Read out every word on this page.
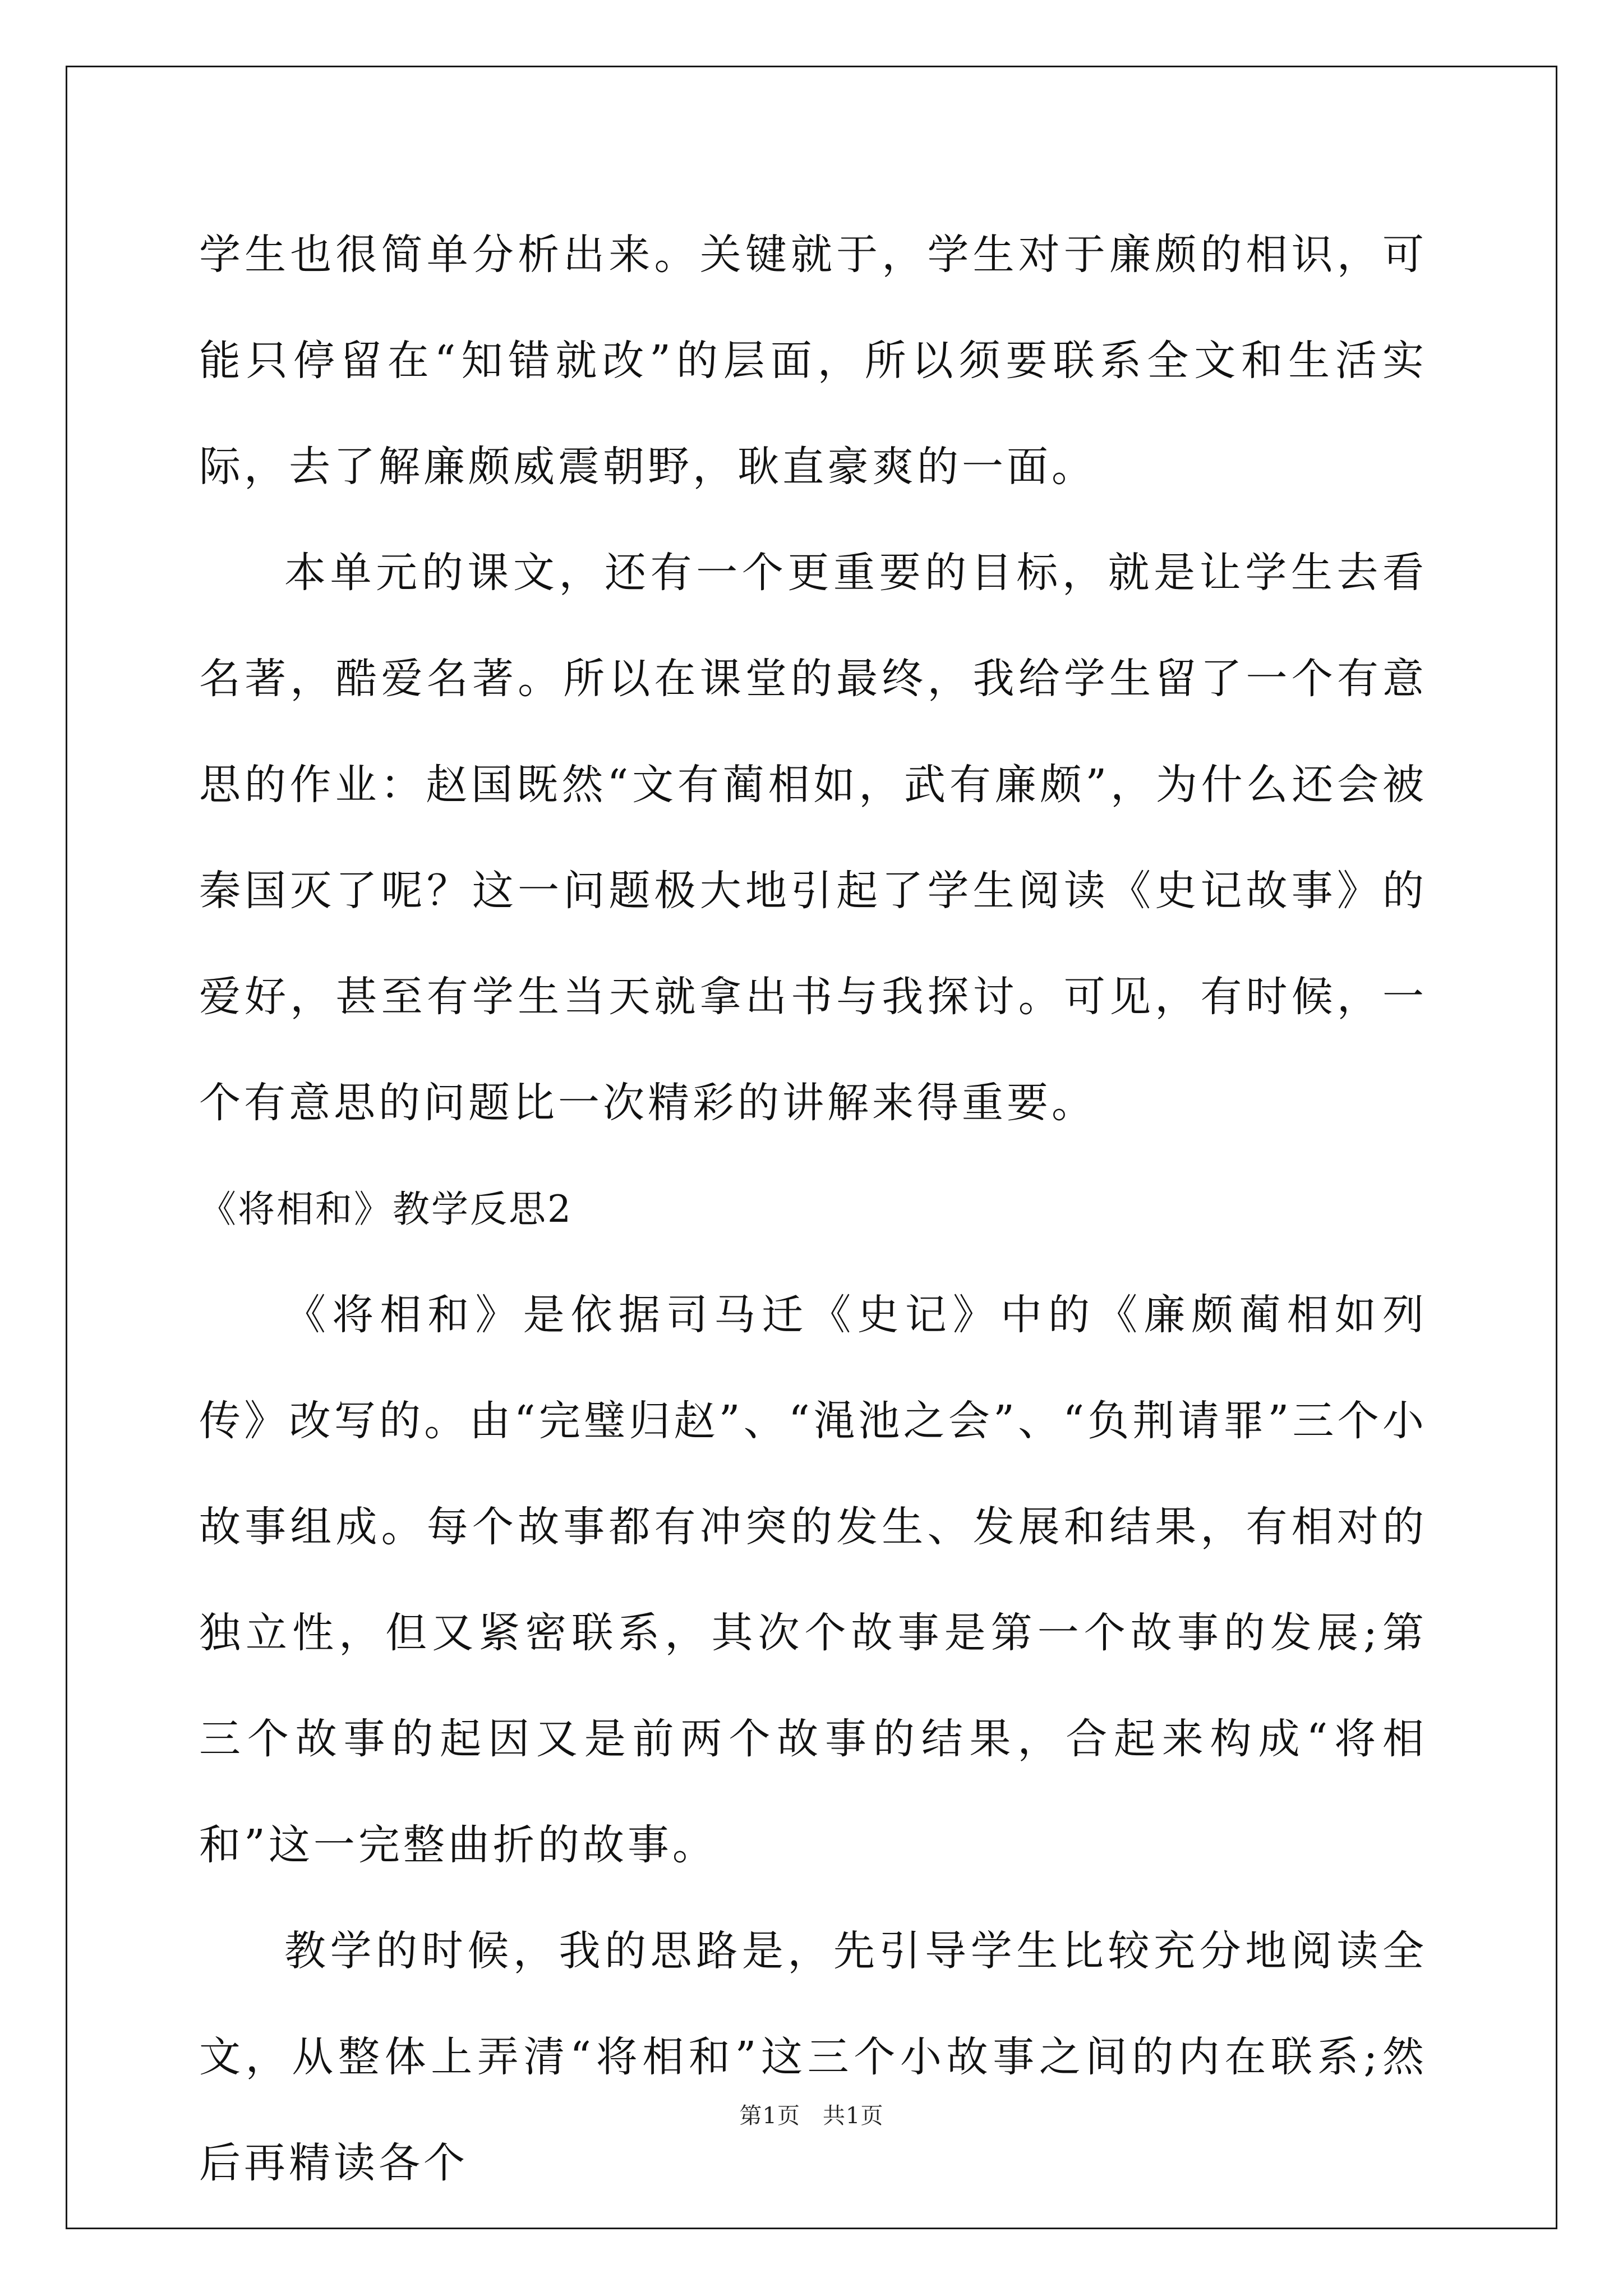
学生也很简单分析出来。关键就于，学生对于廉颇的相识，可能只停留在“知错就改”的层面，所以须要联系全文和生活实际，去了解廉颇威震朝野，耿直豪爽的一面。

本单元的课文，还有一个更重要的目标，就是让学生去看名著，酷爱名著。所以在课堂的最终，我给学生留了一个有意思的作业：赵国既然“文有蔺相如，武有廉颇”，为什么还会被秦国灭了呢？这一问题极大地引起了学生阅读《史记故事》的爱好，甚至有学生当天就拿出书与我探讨。可见，有时候，一个有意思的问题比一次精彩的讲解来得重要。

《将相和》教学反思2

《将相和》是依据司马迁《史记》中的《廉颇蔺相如列传》改写的。由“完璧归赵”、“渑池之会”、“负荆请罪”三个小故事组成。每个故事都有冲突的发生、发展和结果，有相对的独立性，但又紧密联系，其次个故事是第一个故事的发展;第三个故事的起因又是前两个故事的结果，合起来构成“将相和”这一完整曲折的故事。

教学的时候，我的思路是，先引导学生比较充分地阅读全文，从整体上弄清“将相和”这三个小故事之间的内在联系;然后再精读各个

第1页 共1页
